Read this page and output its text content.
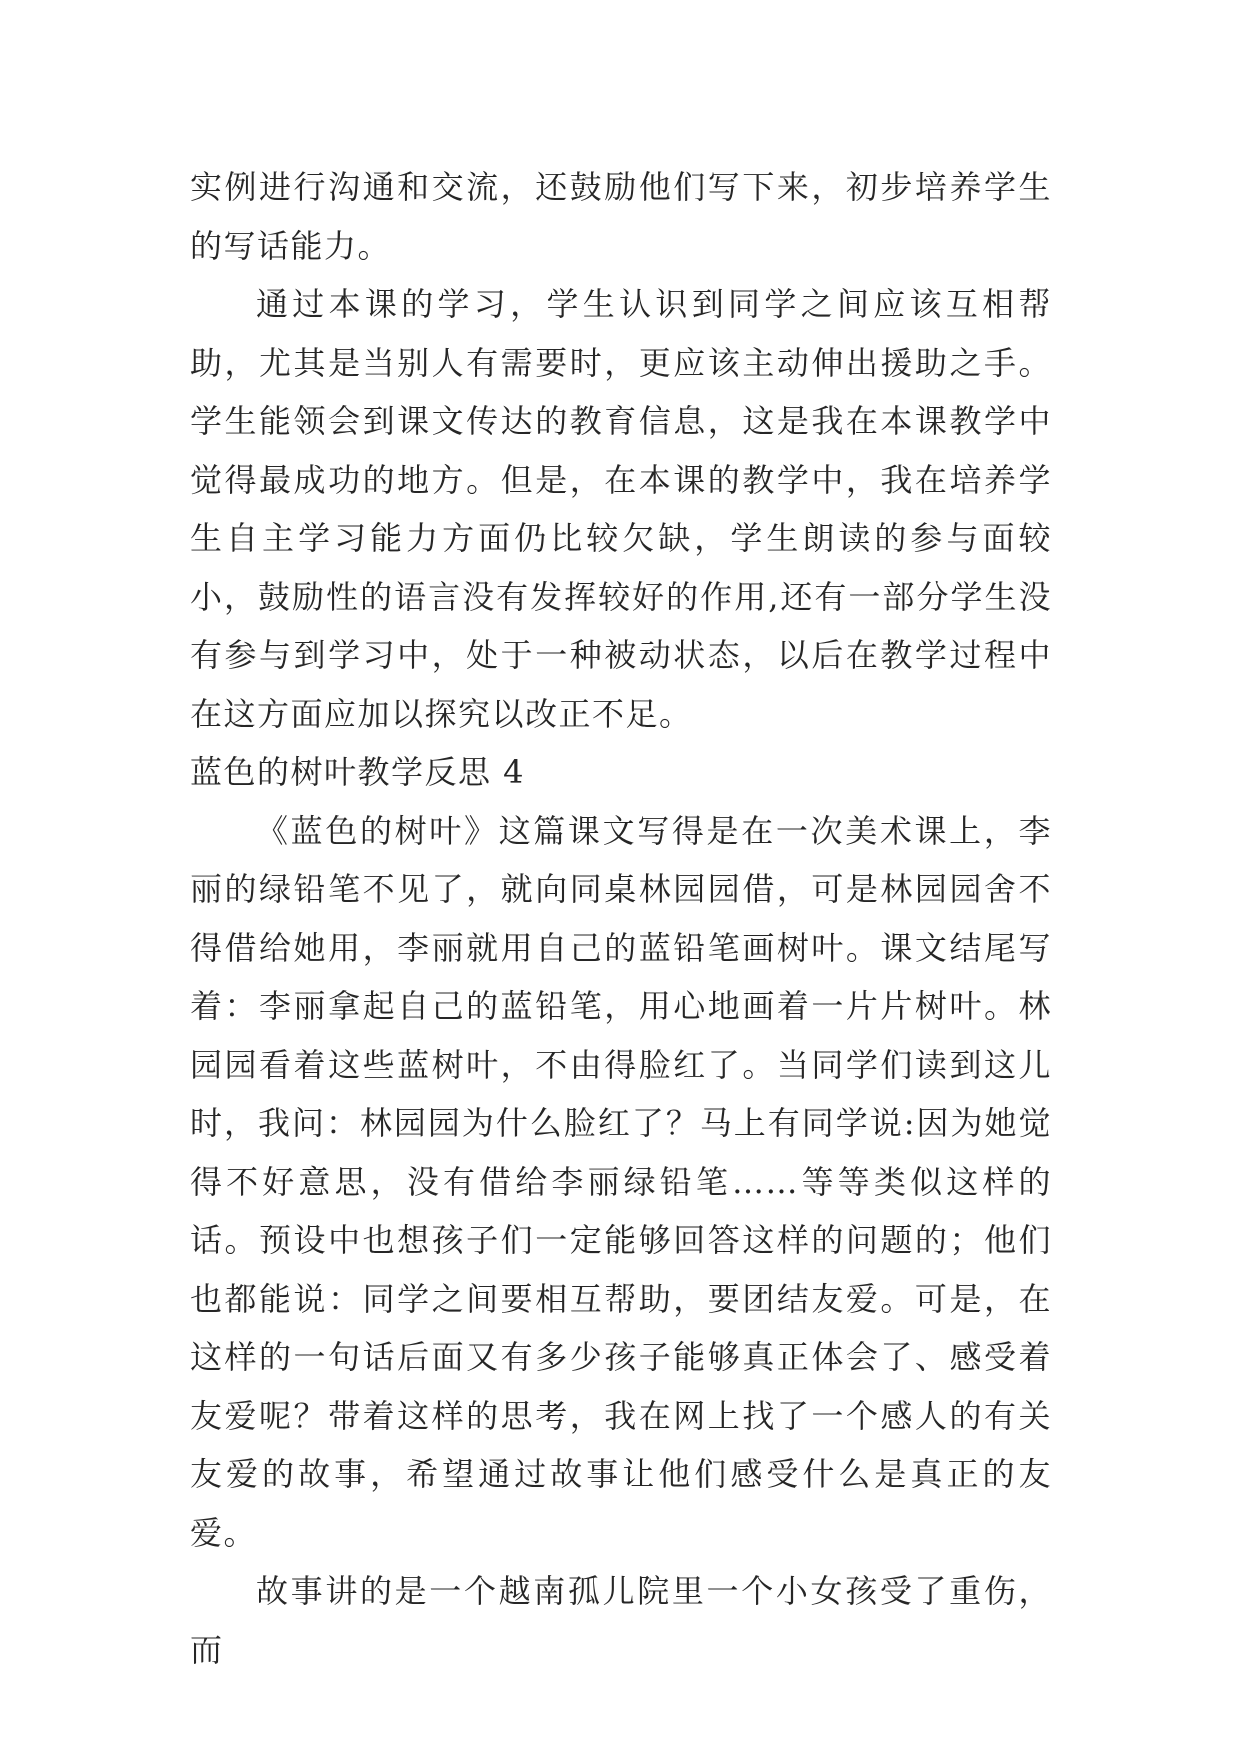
实例进行沟通和交流，还鼓励他们写下来，初步培养学生的写话能力。

通过本课的学习，学生认识到同学之间应该互相帮助，尤其是当别人有需要时，更应该主动伸出援助之手。学生能领会到课文传达的教育信息，这是我在本课教学中觉得最成功的地方。但是，在本课的教学中，我在培养学生自主学习能力方面仍比较欠缺，学生朗读的参与面较小，鼓励性的语言没有发挥较好的作用,还有一部分学生没有参与到学习中，处于一种被动状态，以后在教学过程中在这方面应加以探究以改正不足。

蓝色的树叶教学反思 4

《蓝色的树叶》这篇课文写得是在一次美术课上，李丽的绿铅笔不见了，就向同桌林园园借，可是林园园舍不得借给她用，李丽就用自己的蓝铅笔画树叶。课文结尾写着：李丽拿起自己的蓝铅笔，用心地画着一片片树叶。林园园看着这些蓝树叶，不由得脸红了。当同学们读到这儿时，我问：林园园为什么脸红了？马上有同学说:因为她觉得不好意思，没有借给李丽绿铅笔……等等类似这样的话。预设中也想孩子们一定能够回答这样的问题的；他们也都能说：同学之间要相互帮助，要团结友爱。可是，在这样的一句话后面又有多少孩子能够真正体会了、感受着友爱呢？带着这样的思考，我在网上找了一个感人的有关友爱的故事，希望通过故事让他们感受什么是真正的友爱。

故事讲的是一个越南孤儿院里一个小女孩受了重伤，而
